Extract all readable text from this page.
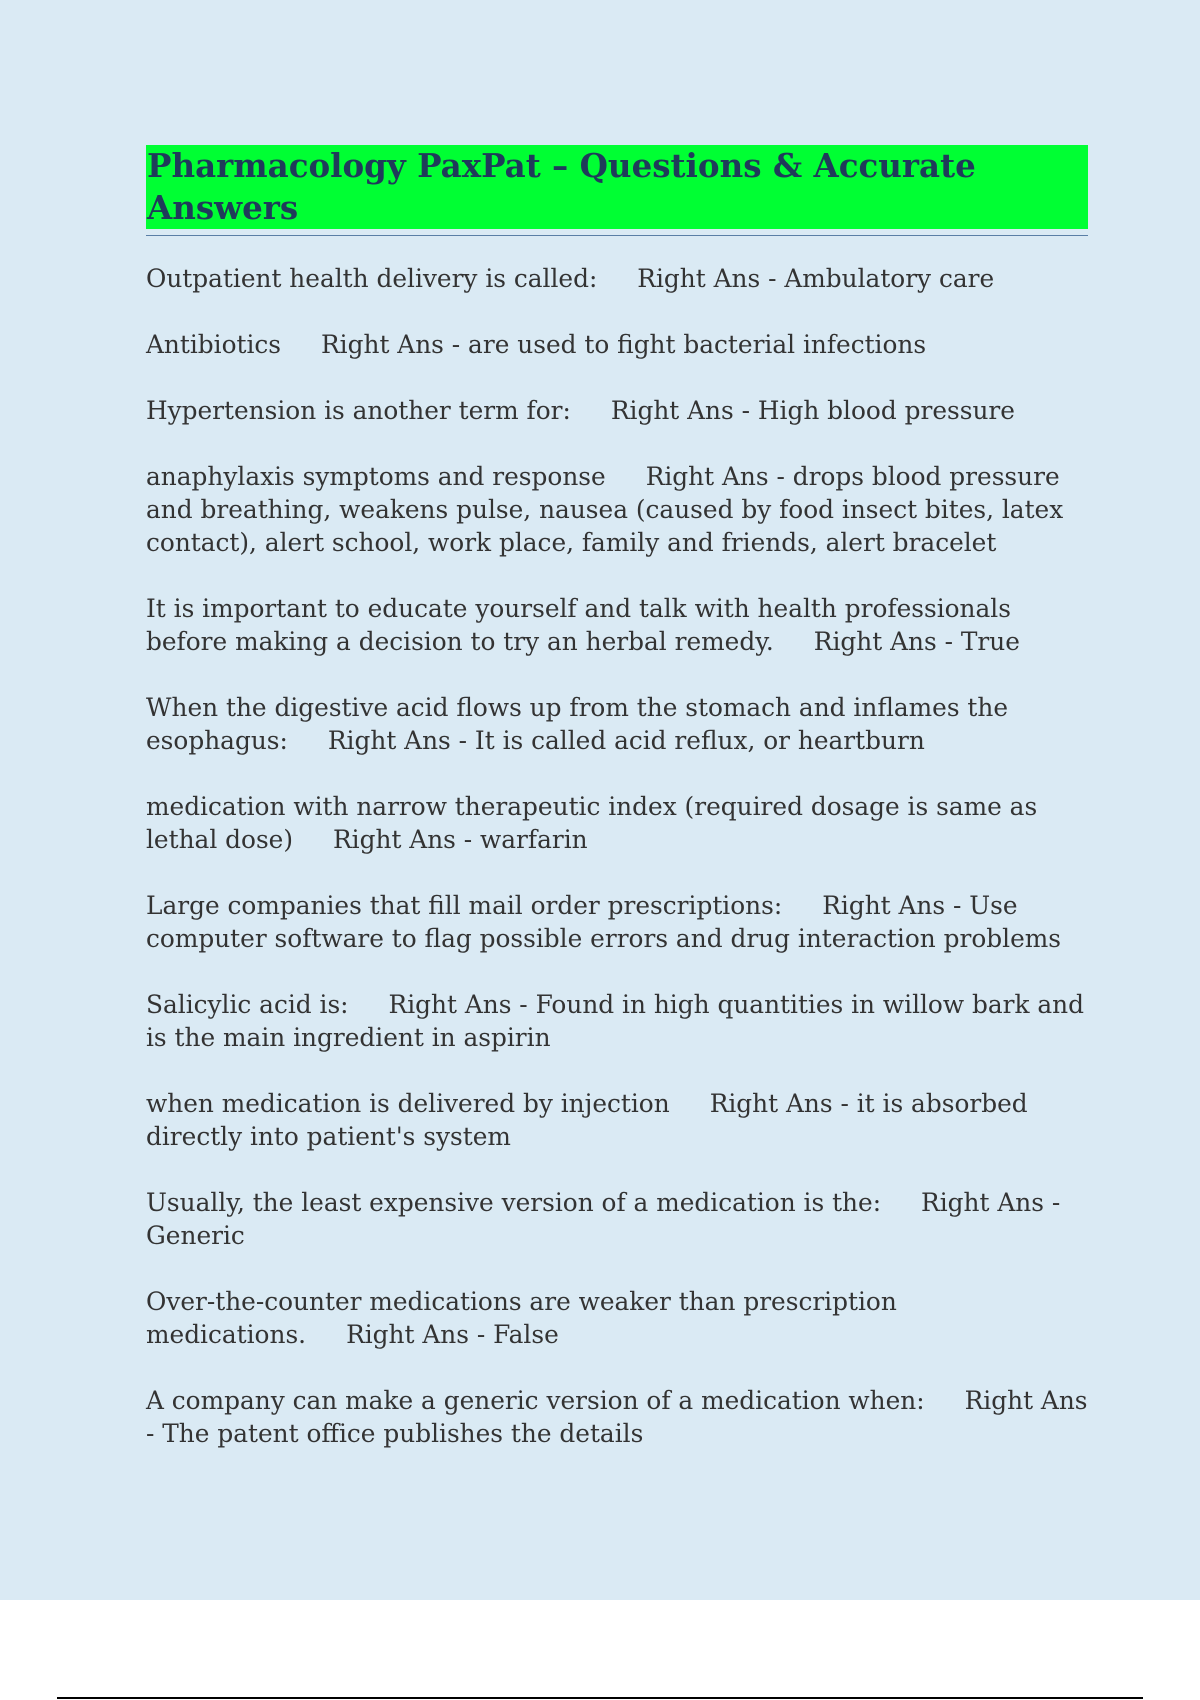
Pharmacology PaxPat – Questions & Accurate Answers

Outpatient health delivery is called: Right Ans - Ambulatory care

Antibiotics Right Ans - are used to fight bacterial infections

Hypertension is another term for: Right Ans - High blood pressure

anaphylaxis symptoms and response Right Ans - drops blood pressure and breathing, weakens pulse, nausea (caused by food insect bites, latex contact), alert school, work place, family and friends, alert bracelet

It is important to educate yourself and talk with health professionals before making a decision to try an herbal remedy. Right Ans - True

When the digestive acid flows up from the stomach and inflames the esophagus: Right Ans - It is called acid reflux, or heartburn

medication with narrow therapeutic index (required dosage is same as lethal dose) Right Ans - warfarin

Large companies that fill mail order prescriptions: Right Ans - Use computer software to flag possible errors and drug interaction problems

Salicylic acid is: Right Ans - Found in high quantities in willow bark and is the main ingredient in aspirin

when medication is delivered by injection Right Ans - it is absorbed directly into patient's system

Usually, the least expensive version of a medication is the: Right Ans - Generic

Over-the-counter medications are weaker than prescription medications. Right Ans - False

A company can make a generic version of a medication when: Right Ans - The patent office publishes the details
